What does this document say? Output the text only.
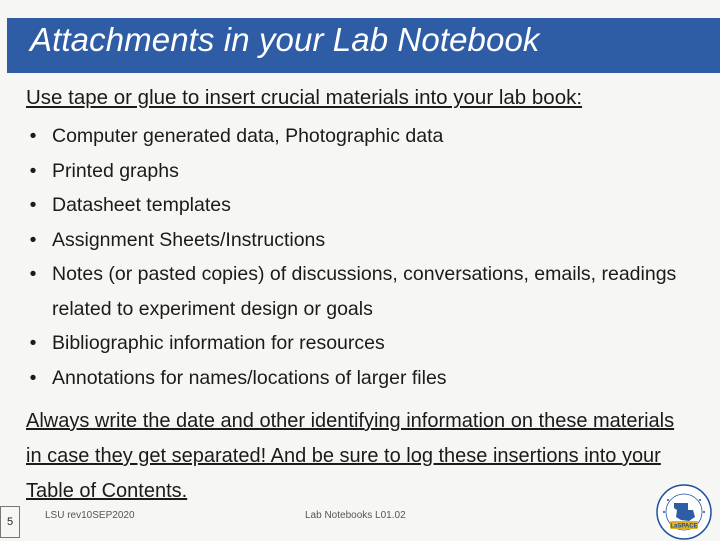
Attachments in your Lab Notebook
Use tape or glue to insert crucial materials into your lab book:
• Computer generated data, Photographic data
• Printed graphs
• Datasheet templates
• Assignment Sheets/Instructions
• Notes (or pasted copies) of discussions, conversations, emails, readings related to experiment design or goals
• Bibliographic information for resources
• Annotations for names/locations of larger files
Always write the date and other identifying information on these materials in case they get separated! And be sure to log these insertions into your Table of Contents.
5
LSU rev10SEP2020	Lab Notebooks L01.02
LaSPACE
